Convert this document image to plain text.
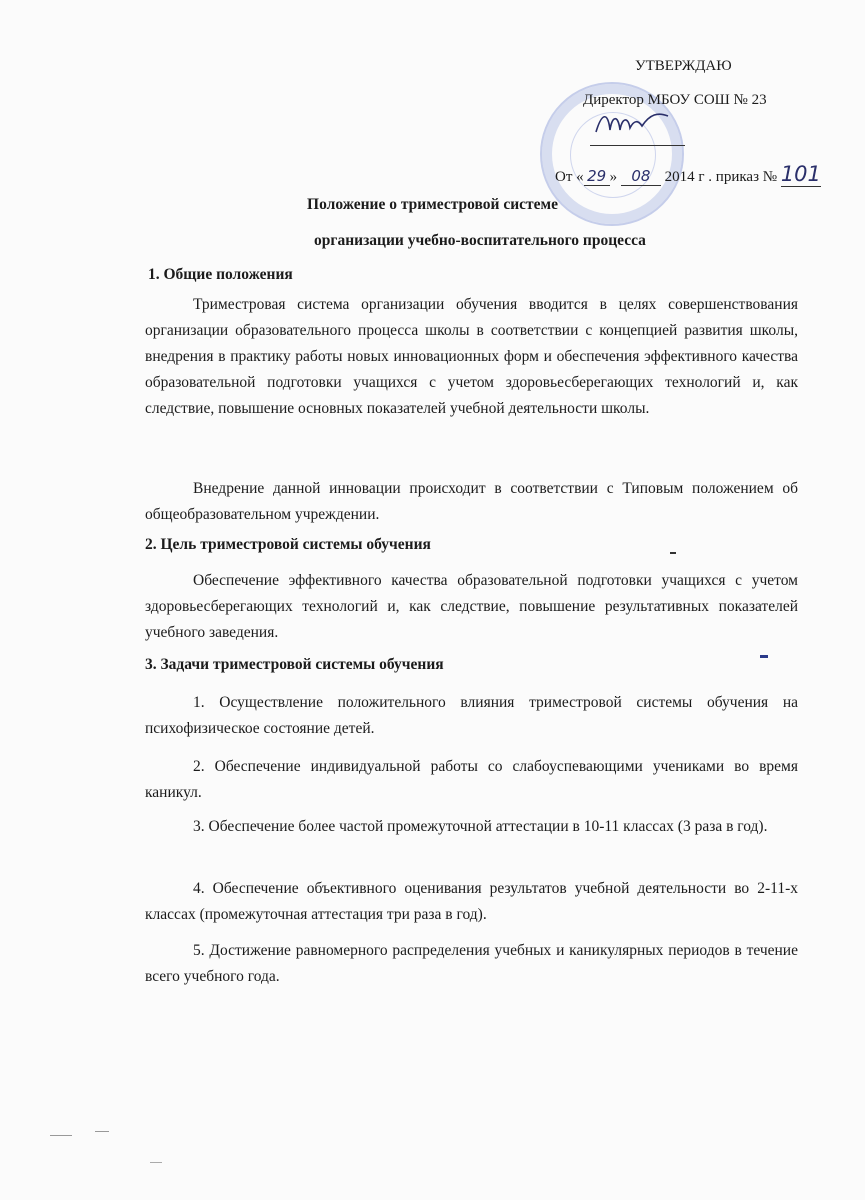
УТВЕРЖДАЮ
Директор МБОУ СОШ № 23
От « 29 » 08 2014 г . приказ № 101
Положение о триместровой системе
организации учебно-воспитательного процесса
1. Общие положения

Триместровая система организации обучения вводится в целях совершенствования организации образовательного процесса школы в соответствии с концепцией развития школы, внедрения в практику работы новых инновационных форм и обеспечения эффективного качества образовательной подготовки учащихся с учетом здоровьесберегающих технологий и, как следствие, повышение основных показателей учебной деятельности школы.

Внедрение данной инновации происходит в соответствии с Типовым положением об общеобразовательном учреждении.

2. Цель триместровой системы обучения

Обеспечение эффективного качества образовательной подготовки учащихся с учетом здоровьесберегающих технологий и, как следствие, повышение результативных показателей учебного заведения.

3. Задачи триместровой системы обучения

1. Осуществление положительного влияния триместровой системы обучения на психофизическое состояние детей.

2. Обеспечение индивидуальной работы со слабоуспевающими учениками во время каникул.

3. Обеспечение более частой промежуточной аттестации в 10-11 классах (3 раза в год).

4. Обеспечение объективного оценивания результатов учебной деятельности во 2-11-х классах (промежуточная аттестация три раза в год).

5. Достижение равномерного распределения учебных и каникулярных периодов в течение всего учебного года.
